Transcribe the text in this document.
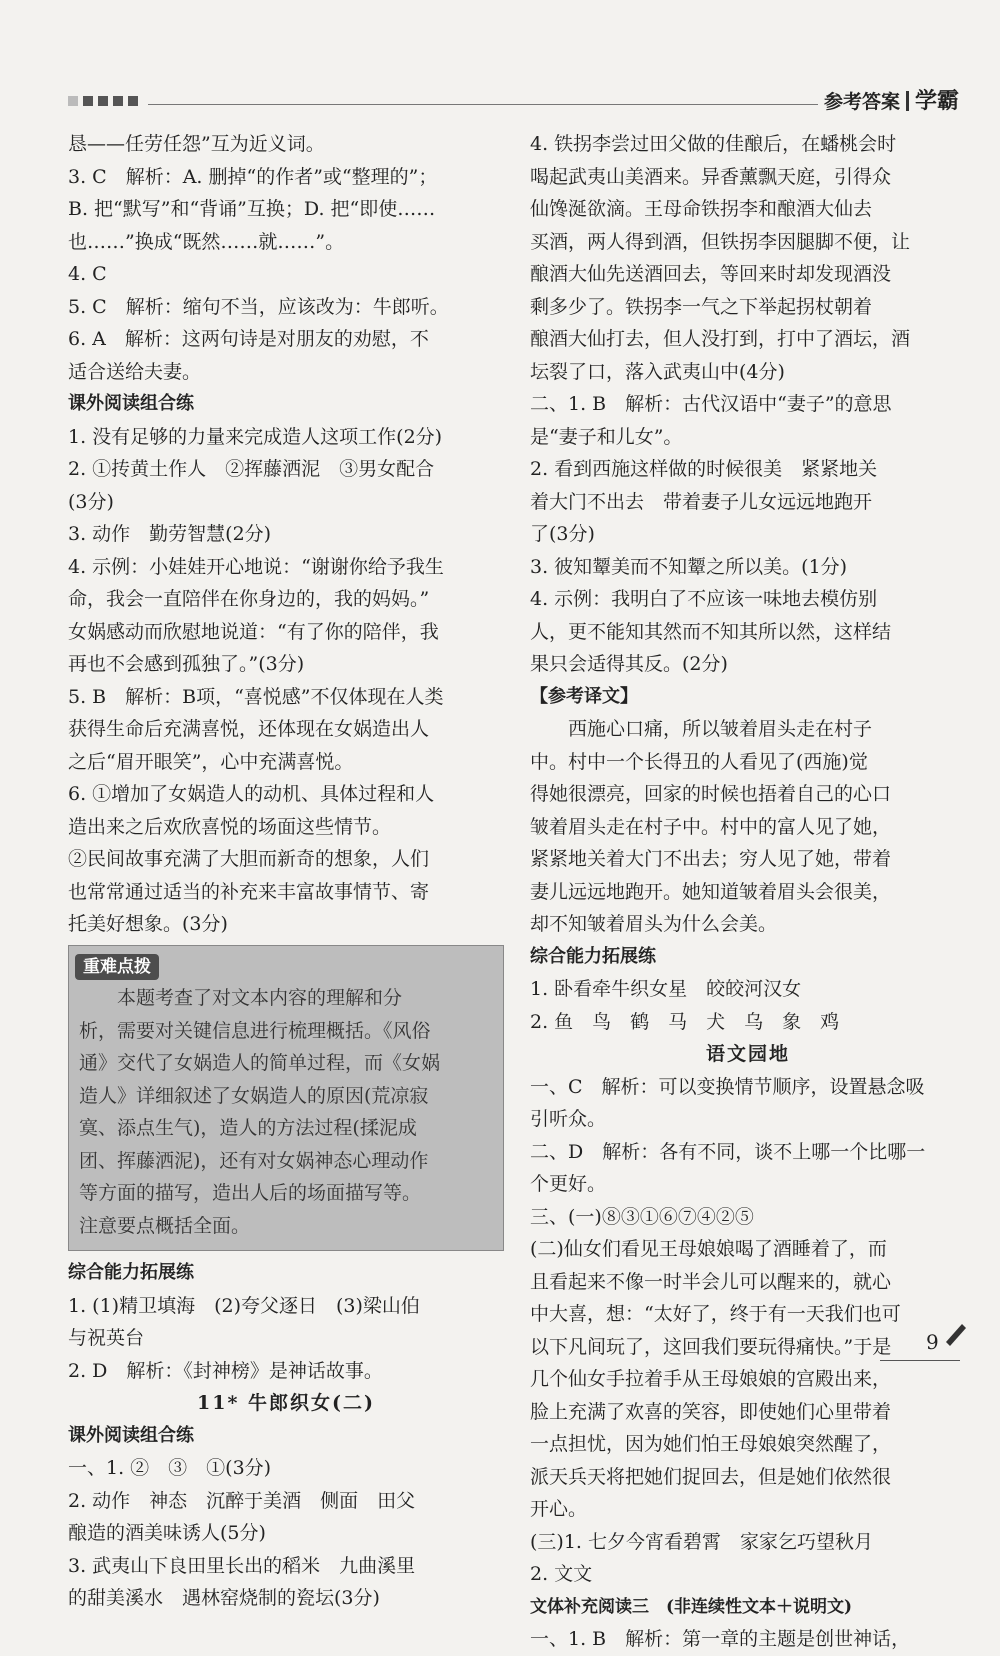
参考答案 学霸

恳——任劳任怨”互为近义词。

3. C　解析：A. 删掉“的作者”或“整理的”；

B. 把“默写”和“背诵”互换；D. 把“即使……

也……”换成“既然……就……”。

4. C

5. C　解析：缩句不当，应该改为：牛郎听。

6. A　解析：这两句诗是对朋友的劝慰，不

适合送给夫妻。

课外阅读组合练

1. 没有足够的力量来完成造人这项工作(2分)

2. ①抟黄土作人　②挥藤洒泥　③男女配合

(3分)

3. 动作　勤劳智慧(2分)

4. 示例：小娃娃开心地说：“谢谢你给予我生

命，我会一直陪伴在你身边的，我的妈妈。”

女娲感动而欣慰地说道：“有了你的陪伴，我

再也不会感到孤独了。”(3分)

5. B　解析：B项，“喜悦感”不仅体现在人类

获得生命后充满喜悦，还体现在女娲造出人

之后“眉开眼笑”，心中充满喜悦。

6. ①增加了女娲造人的动机、具体过程和人

造出来之后欢欣喜悦的场面这些情节。

②民间故事充满了大胆而新奇的想象，人们

也常常通过适当的补充来丰富故事情节、寄

托美好想象。(3分)

重难点拨

本题考查了对文本内容的理解和分

析，需要对关键信息进行梳理概括。《风俗

通》交代了女娲造人的简单过程，而《女娲

造人》详细叙述了女娲造人的原因(荒凉寂

寞、添点生气)，造人的方法过程(揉泥成

团、挥藤洒泥)，还有对女娲神态心理动作

等方面的描写，造出人后的场面描写等。

注意要点概括全面。

综合能力拓展练

1. (1)精卫填海　(2)夸父逐日　(3)梁山伯

与祝英台

2. D　解析：《封神榜》是神话故事。

11* 牛郎织女(二)

课外阅读组合练

一、1. ②　③　①(3分)

2. 动作　神态　沉醉于美酒　侧面　田父

酿造的酒美味诱人(5分)

3. 武夷山下良田里长出的稻米　九曲溪里

的甜美溪水　遇林窑烧制的瓷坛(3分)

4. 铁拐李尝过田父做的佳酿后，在蟠桃会时

喝起武夷山美酒来。异香薰飘天庭，引得众

仙馋涎欲滴。王母命铁拐李和酿酒大仙去

买酒，两人得到酒，但铁拐李因腿脚不便，让

酿酒大仙先送酒回去，等回来时却发现酒没

剩多少了。铁拐李一气之下举起拐杖朝着

酿酒大仙打去，但人没打到，打中了酒坛，酒

坛裂了口，落入武夷山中(4分)

二、1. B　解析：古代汉语中“妻子”的意思

是“妻子和儿女”。

2. 看到西施这样做的时候很美　紧紧地关

着大门不出去　带着妻子儿女远远地跑开

了(3分)

3. 彼知颦美而不知颦之所以美。(1分)

4. 示例：我明白了不应该一味地去模仿别

人，更不能知其然而不知其所以然，这样结

果只会适得其反。(2分)

【参考译文】

西施心口痛，所以皱着眉头走在村子

中。村中一个长得丑的人看见了(西施)觉

得她很漂亮，回家的时候也捂着自己的心口

皱着眉头走在村子中。村中的富人见了她，

紧紧地关着大门不出去；穷人见了她，带着

妻儿远远地跑开。她知道皱着眉头会很美，

却不知皱着眉头为什么会美。

综合能力拓展练

1. 卧看牵牛织女星　皎皎河汉女

2. 鱼　鸟　鹤　马　犬　乌　象　鸡

语文园地

一、C　解析：可以变换情节顺序，设置悬念吸

引听众。

二、D　解析：各有不同，谈不上哪一个比哪一

个更好。

三、(一)⑧③①⑥⑦④②⑤

(二)仙女们看见王母娘娘喝了酒睡着了，而

且看起来不像一时半会儿可以醒来的，就心

中大喜，想：“太好了，终于有一天我们也可

以下凡间玩了，这回我们要玩得痛快。”于是

几个仙女手拉着手从王母娘娘的宫殿出来，

脸上充满了欢喜的笑容，即使她们心里带着

一点担忧，因为她们怕王母娘娘突然醒了，

派天兵天将把她们捉回去，但是她们依然很

开心。

(三)1. 七夕今宵看碧霄　家家乞巧望秋月

2. 文文

文体补充阅读三　(非连续性文本＋说明文)

一、1. B　解析：第一章的主题是创世神话，

9
